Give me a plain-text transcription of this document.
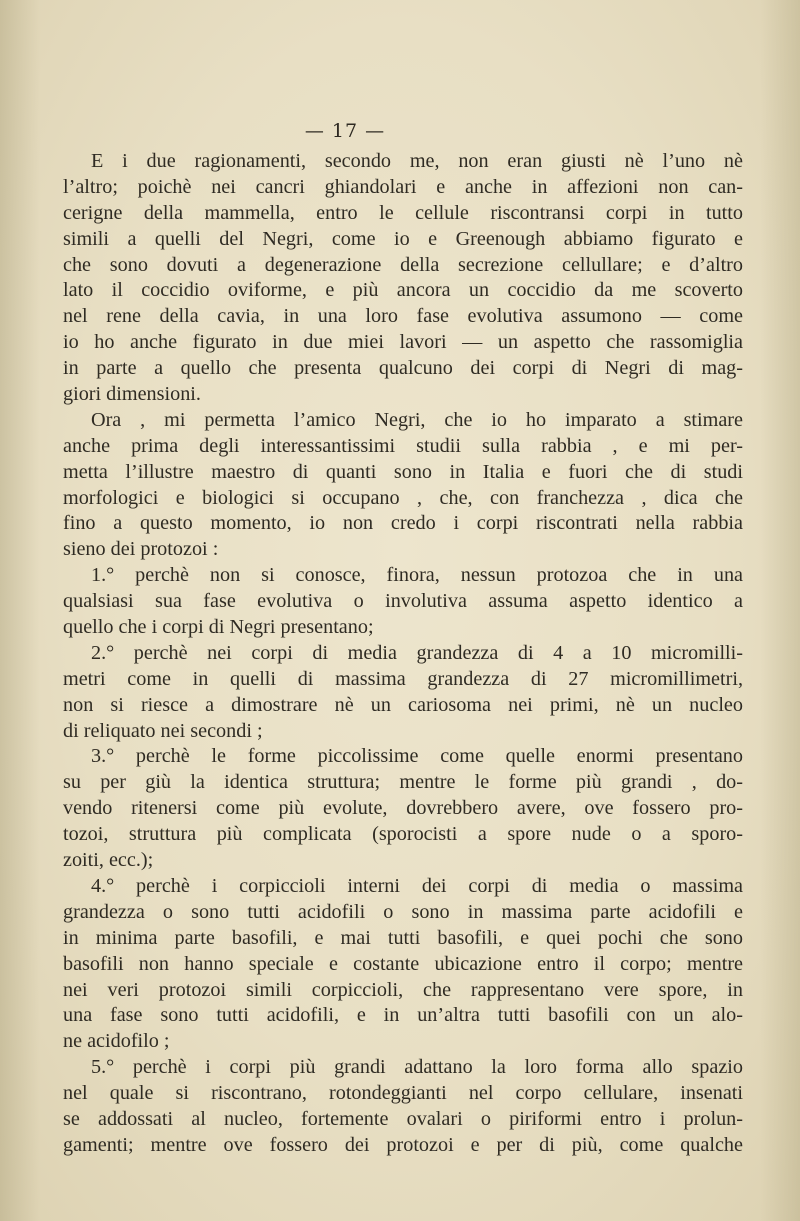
— 17 —
E i due ragionamenti, secondo me, non eran giusti nè l’uno nè
l’altro; poichè nei cancri ghiandolari e anche in affezioni non can-
cerigne della mammella, entro le cellule riscontransi corpi in tutto
simili a quelli del Negri, come io e Greenough abbiamo figurato e
che sono dovuti a degenerazione della secrezione cellullare; e d’altro
lato il coccidio oviforme, e più ancora un coccidio da me scoverto
nel rene della cavia, in una loro fase evolutiva assumono — come
io ho anche figurato in due miei lavori — un aspetto che rassomiglia
in parte a quello che presenta qualcuno dei corpi di Negri di mag-
giori dimensioni.
Ora , mi permetta l’amico Negri, che io ho imparato a stimare
anche prima degli interessantissimi studii sulla rabbia , e mi per-
metta l’illustre maestro di quanti sono in Italia e fuori che di studi
morfologici e biologici si occupano , che, con franchezza , dica che
fino a questo momento, io non credo i corpi riscontrati nella rabbia
sieno dei protozoi :
1.° perchè non si conosce, finora, nessun protozoa che in una
qualsiasi sua fase evolutiva o involutiva assuma aspetto identico a
quello che i corpi di Negri presentano;
2.° perchè nei corpi di media grandezza di 4 a 10 micromilli-
metri come in quelli di massima grandezza di 27 micromillimetri,
non si riesce a dimostrare nè un cariosoma nei primi, nè un nucleo
di reliquato nei secondi ;
3.° perchè le forme piccolissime come quelle enormi presentano
su per giù la identica struttura; mentre le forme più grandi , do-
vendo ritenersi come più evolute, dovrebbero avere, ove fossero pro-
tozoi, struttura più complicata (sporocisti a spore nude o a sporo-
zoiti, ecc.);
4.° perchè i corpiccioli interni dei corpi di media o massima
grandezza o sono tutti acidofili o sono in massima parte acidofili e
in minima parte basofili, e mai tutti basofili, e quei pochi che sono
basofili non hanno speciale e costante ubicazione entro il corpo; mentre
nei veri protozoi simili corpiccioli, che rappresentano vere spore, in
una fase sono tutti acidofili, e in un’altra tutti basofili con un alo-
ne acidofilo ;
5.° perchè i corpi più grandi adattano la loro forma allo spazio
nel quale si riscontrano, rotondeggianti nel corpo cellulare, insenati
se addossati al nucleo, fortemente ovalari o piriformi entro i prolun-
gamenti; mentre ove fossero dei protozoi e per di più, come qualche
